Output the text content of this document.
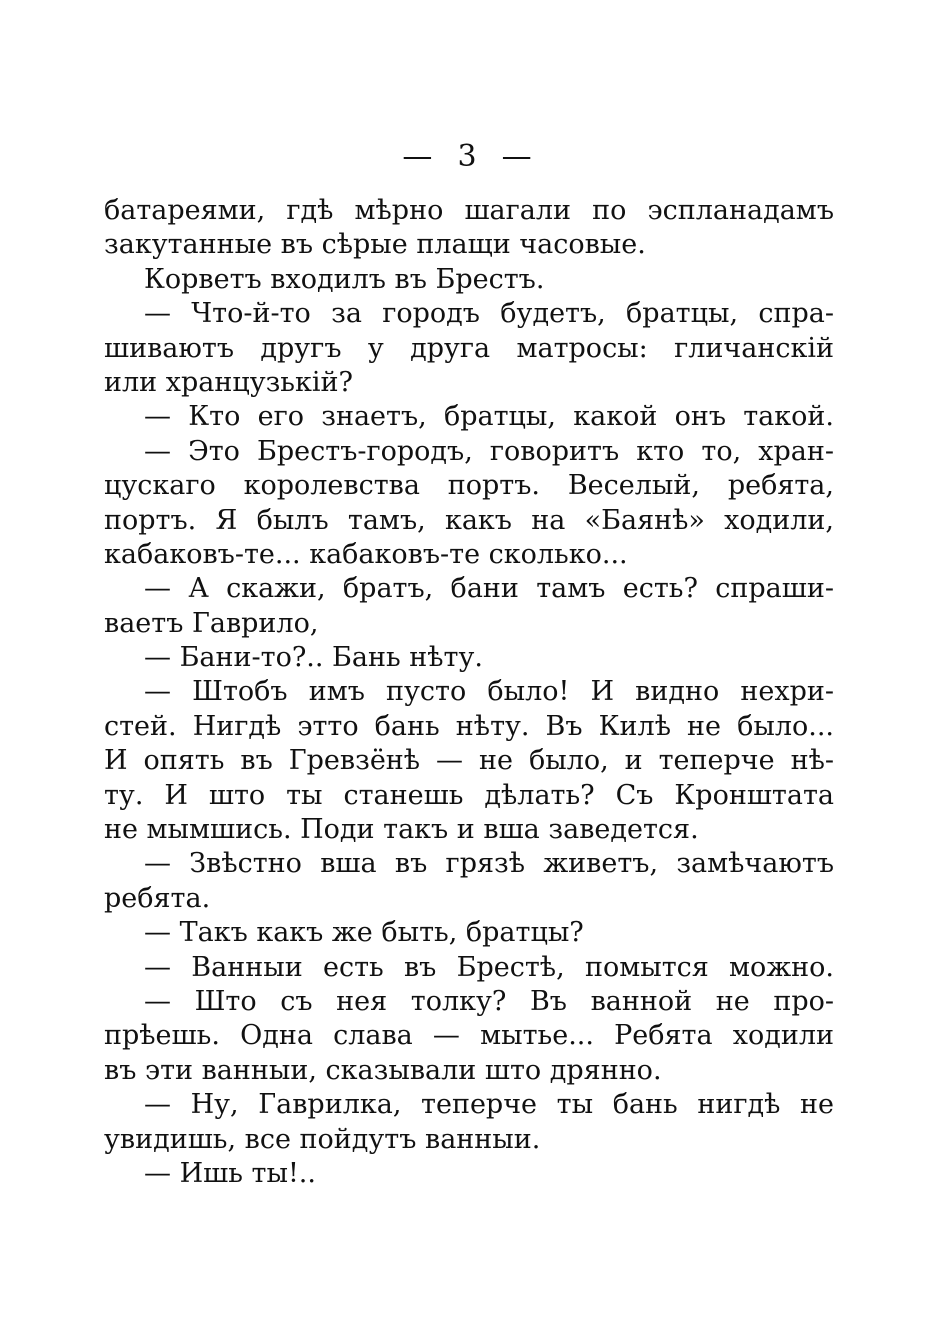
—  3  —
батареями, гдѣ мѣрно шагали по эспланадамъ
закутанные въ сѣрые плащи часовые.
Корветъ входилъ въ Брестъ.
— Что-й-то за городъ будетъ, братцы, спра-
шиваютъ другъ у друга матросы: гличанскій
или хранцузькій?
— Кто его знаетъ, братцы, какой онъ такой.
— Это Брестъ-городъ, говоритъ кто то, хран-
цускаго королевства портъ. Веселый, ребята,
портъ. Я былъ тамъ, какъ на «Баянѣ» ходили,
кабаковъ-те... кабаковъ-те сколько...
— А скажи, братъ, бани тамъ есть? спраши-
ваетъ Гаврило,
— Бани-то?.. Бань нѣту.
— Штобъ имъ пусто было! И видно нехри-
стей. Нигдѣ этто бань нѣту. Въ Килѣ не было...
И опять въ Гревзёнѣ — не было, и теперче нѣ-
ту. И што ты станешь дѣлать? Съ Кронштата
не мымшись. Поди такъ и вша заведется.
— Звѣстно вша въ грязѣ живетъ, замѣчаютъ
ребята.
— Такъ какъ же быть, братцы?
— Ванныи есть въ Брестѣ, помытся можно.
— Што съ нея толку? Въ ванной не про-
прѣешь. Одна слава — мытье... Ребята ходили
въ эти ванныи, сказывали што дрянно.
— Ну, Гаврилка, теперче ты бань нигдѣ не
увидишь, все пойдутъ ванныи.
— Ишь ты!..
